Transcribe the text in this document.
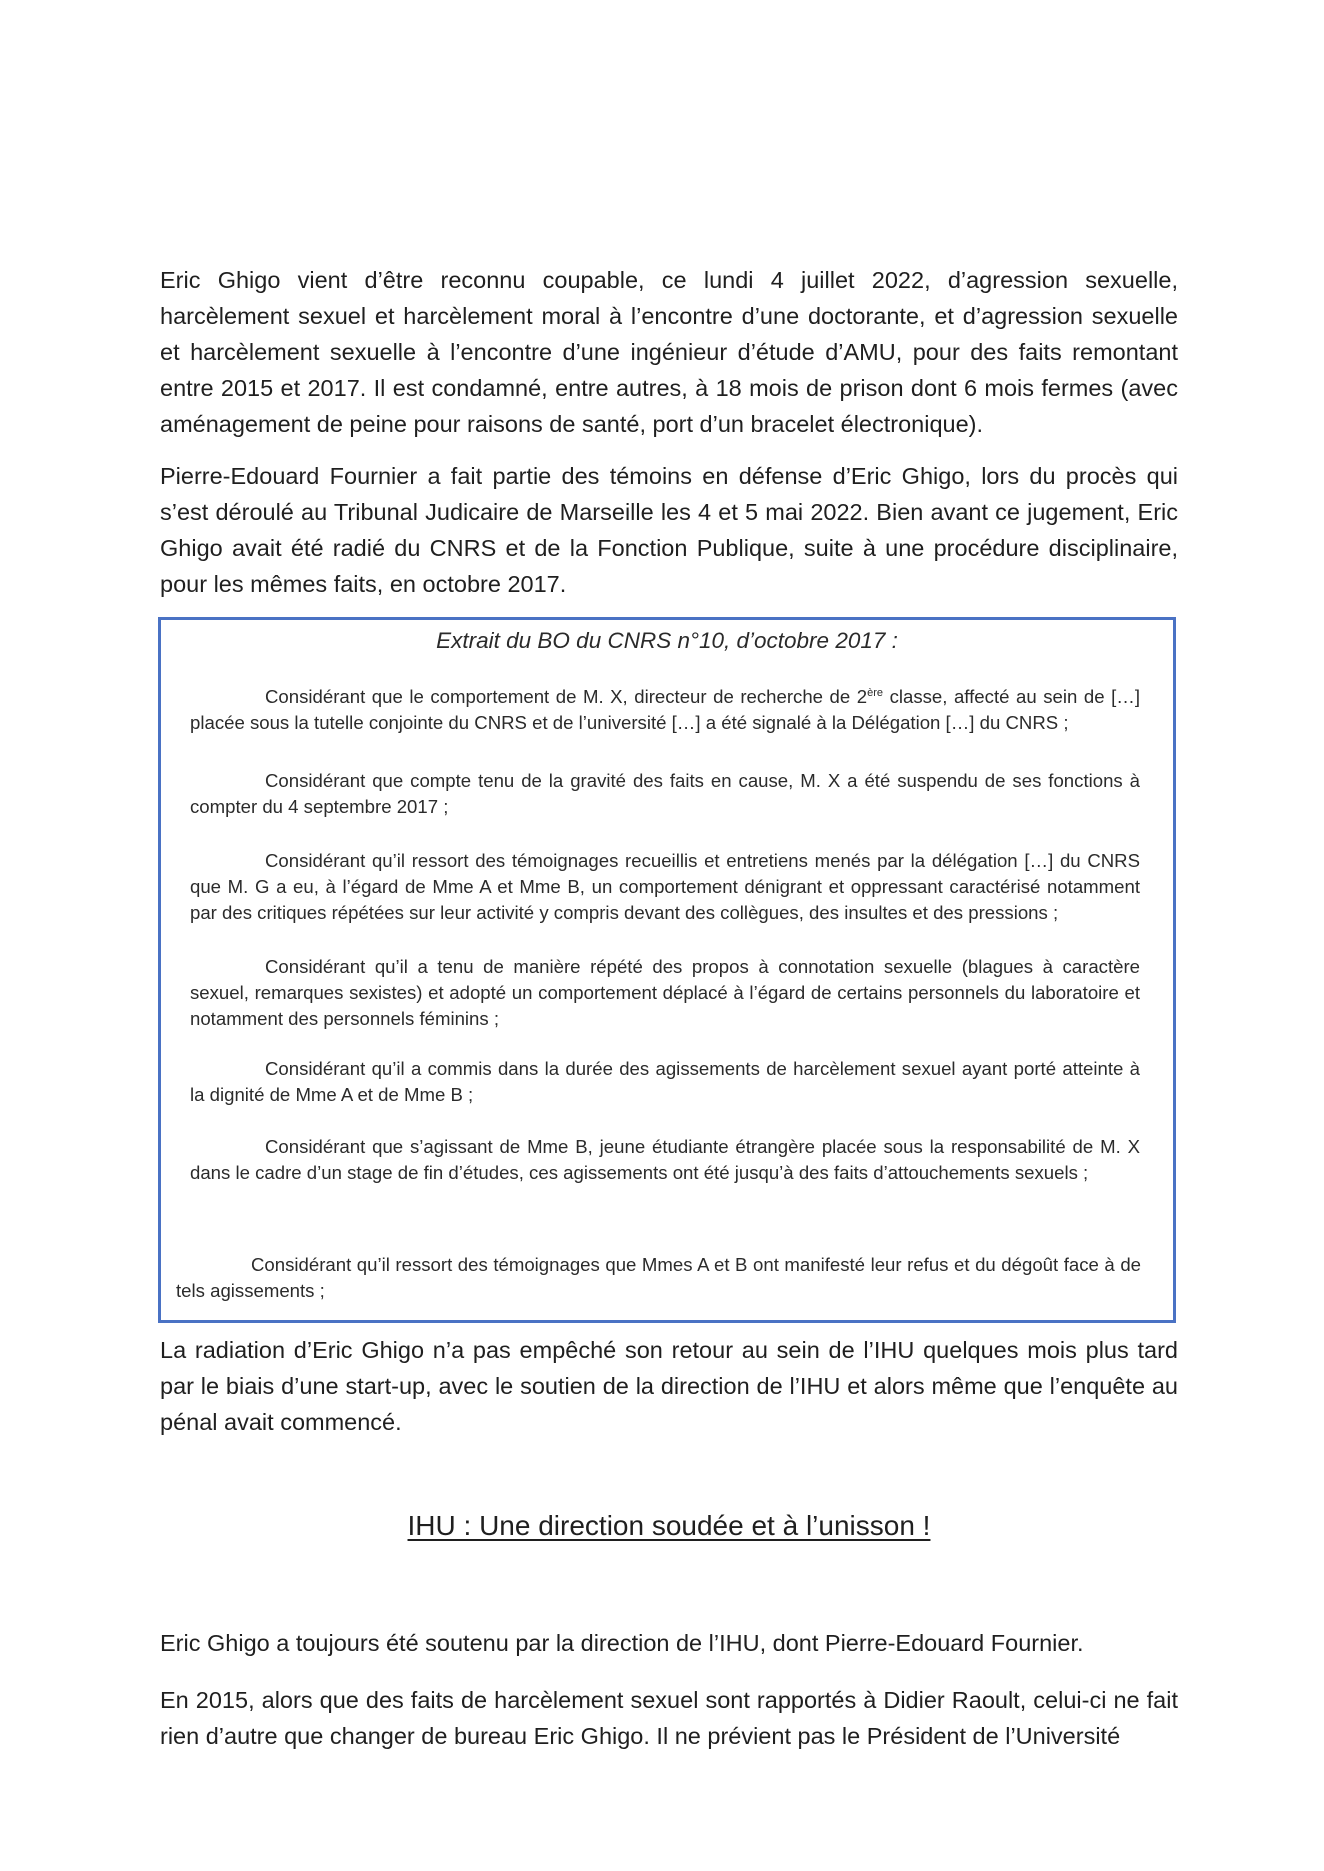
Eric Ghigo vient d’être reconnu coupable, ce lundi 4 juillet 2022, d’agression sexuelle, harcèlement sexuel et harcèlement moral à l’encontre d’une doctorante, et d’agression sexuelle et harcèlement sexuelle à l’encontre d’une ingénieur d’étude d’AMU, pour des faits remontant entre 2015 et 2017. Il est condamné, entre autres, à 18 mois de prison dont 6 mois fermes (avec aménagement de peine pour raisons de santé, port d’un bracelet électronique).

Pierre-Edouard Fournier a fait partie des témoins en défense d’Eric Ghigo, lors du procès qui s’est déroulé au Tribunal Judicaire de Marseille les 4 et 5 mai 2022. Bien avant ce jugement, Eric Ghigo avait été radié du CNRS et de la Fonction Publique, suite à une procédure disciplinaire, pour les mêmes faits, en octobre 2017.

Extrait du BO du CNRS n°10, d’octobre 2017 :

Considérant que le comportement de M. X, directeur de recherche de 2ère classe, affecté au sein de […] placée sous la tutelle conjointe du CNRS et de l’université […] a été signalé à la Délégation […] du CNRS ;

Considérant que compte tenu de la gravité des faits en cause, M. X a été suspendu de ses fonctions à compter du 4 septembre 2017 ;

Considérant qu’il ressort des témoignages recueillis et entretiens menés par la délégation […] du CNRS que M. G a eu, à l’égard de Mme A et Mme B, un comportement dénigrant et oppressant caractérisé notamment par des critiques répétées sur leur activité y compris devant des collègues, des insultes et des pressions ;

Considérant qu’il a tenu de manière répété des propos à connotation sexuelle (blagues à caractère sexuel, remarques sexistes) et adopté un comportement déplacé à l’égard de certains personnels du laboratoire et notamment des personnels féminins ;

Considérant qu’il a commis dans la durée des agissements de harcèlement sexuel ayant porté atteinte à la dignité de Mme A et de Mme B ;

Considérant que s’agissant de Mme B, jeune étudiante étrangère placée sous la responsabilité de M. X dans le cadre d’un stage de fin d’études, ces agissements ont été jusqu’à des faits d’attouchements sexuels ;

Considérant qu’il ressort des témoignages que Mmes A et B ont manifesté leur refus et du dégoût face à de tels agissements ;

La radiation d’Eric Ghigo n’a pas empêché son retour au sein de l’IHU quelques mois plus tard par le biais d’une start-up, avec le soutien de la direction de l’IHU et alors même que l’enquête au pénal avait commencé.

IHU : Une direction soudée et à l’unisson !

Eric Ghigo a toujours été soutenu par la direction de l’IHU, dont Pierre-Edouard Fournier.

En 2015, alors que des faits de harcèlement sexuel sont rapportés à Didier Raoult, celui-ci ne fait rien d’autre que changer de bureau Eric Ghigo. Il ne prévient pas le Président de l’Université
